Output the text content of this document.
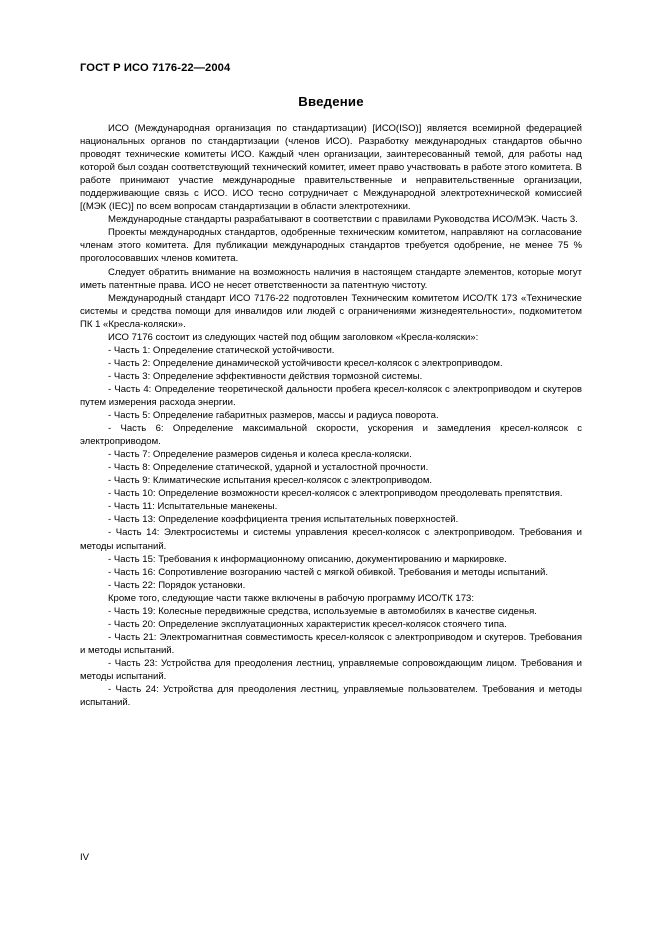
ГОСТ Р ИСО 7176-22—2004
Введение

ИСО (Международная организация по стандартизации) [ИСО(ISO)] является всемирной федерацией национальных органов по стандартизации (членов ИСО). Разработку международных стандартов обычно проводят технические комитеты ИСО. Каждый член организации, заинтересованный темой, для работы над которой был создан соответствующий технический комитет, имеет право участвовать в работе этого комитета. В работе принимают участие международные правительственные и неправительственные организации, поддерживающие связь с ИСО. ИСО тесно сотрудничает с Международной электротехнической комиссией [(МЭК (IEC)] по всем вопросам стандартизации в области электротехники.

Международные стандарты разрабатывают в соответствии с правилами Руководства ИСО/МЭК. Часть 3.

Проекты международных стандартов, одобренные техническим комитетом, направляют на согласование членам этого комитета. Для публикации международных стандартов требуется одобрение, не менее 75 % проголосовавших членов комитета.

Следует обратить внимание на возможность наличия в настоящем стандарте элементов, которые могут иметь патентные права. ИСО не несет ответственности за патентную чистоту.

Международный стандарт ИСО 7176-22 подготовлен Техническим комитетом ИСО/ТК 173 «Технические системы и средства помощи для инвалидов или людей с ограничениями жизнедеятельности», подкомитетом ПК 1 «Кресла-коляски».

ИСО 7176 состоит из следующих частей под общим заголовком «Кресла-коляски»:

- Часть 1: Определение статической устойчивости.

- Часть 2: Определение динамической устойчивости кресел-колясок с электроприводом.

- Часть 3: Определение эффективности действия тормозной системы.

- Часть 4: Определение теоретической дальности пробега кресел-колясок с электроприводом и скутеров путем измерения расхода энергии.

- Часть 5: Определение габаритных размеров, массы и радиуса поворота.

- Часть 6: Определение максимальной скорости, ускорения и замедления кресел-колясок с электроприводом.

- Часть 7: Определение размеров сиденья и колеса кресла-коляски.

- Часть 8: Определение статической, ударной и усталостной прочности.

- Часть 9: Климатические испытания кресел-колясок с электроприводом.

- Часть 10: Определение возможности кресел-колясок с электроприводом преодолевать препятствия.

- Часть 11: Испытательные манекены.

- Часть 13: Определение коэффициента трения испытательных поверхностей.

- Часть 14: Электросистемы и системы управления кресел-колясок с электроприводом. Требования и методы испытаний.

- Часть 15: Требования к информационному описанию, документированию и маркировке.

- Часть 16: Сопротивление возгоранию частей с мягкой обивкой. Требования и методы испытаний.

- Часть 22: Порядок установки.

Кроме того, следующие части также включены в рабочую программу ИСО/ТК 173:

- Часть 19: Колесные передвижные средства, используемые в автомобилях в качестве сиденья.

- Часть 20: Определение эксплуатационных характеристик кресел-колясок стоячего типа.

- Часть 21: Электромагнитная совместимость кресел-колясок с электроприводом и скутеров. Требования и методы испытаний.

- Часть 23: Устройства для преодоления лестниц, управляемые сопровождающим лицом. Требования и методы испытаний.

- Часть 24: Устройства для преодоления лестниц, управляемые пользователем. Требования и методы испытаний.

IV
